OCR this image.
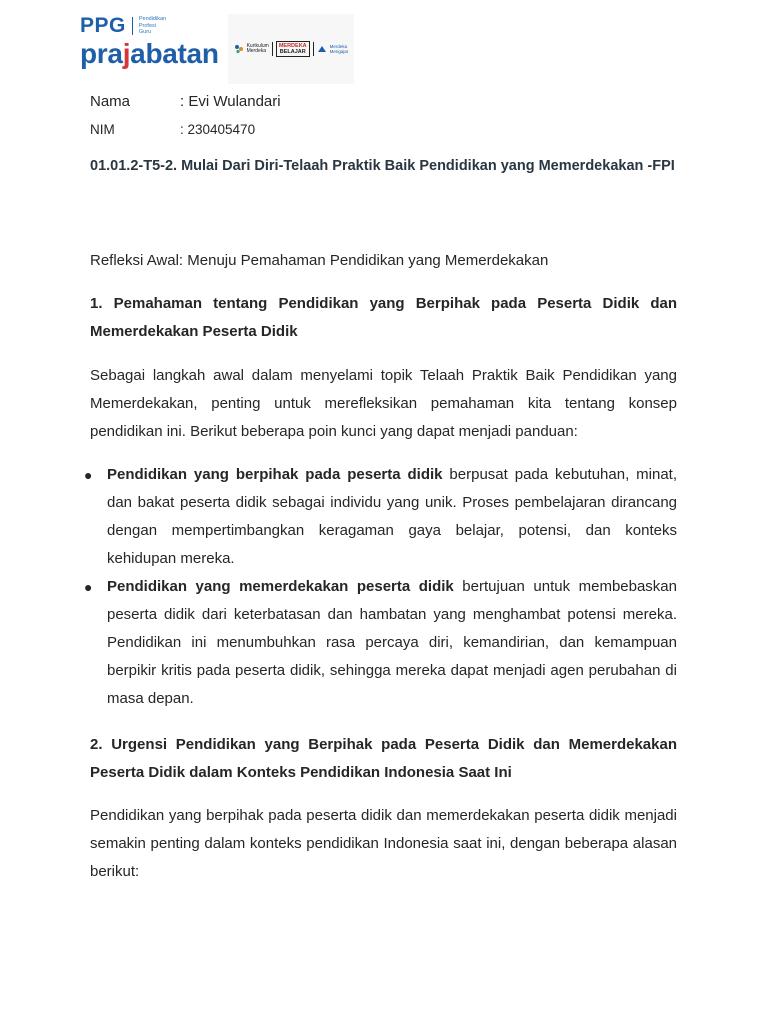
PPG Pendidikan
Profesi
Guru
prajabatan	Kurikulum
Merdeka
MERDEKA
BELAJAR
Merdeka
Mengajar
Nama	: Evi Wulandari
NIM	: 230405470
01.01.2-T5-2. Mulai Dari Diri-Telaah Praktik Baik Pendidikan yang Memerdekakan -FPI

Refleksi Awal: Menuju Pemahaman Pendidikan yang Memerdekakan

1. Pemahaman tentang Pendidikan yang Berpihak pada Peserta Didik dan Memerdekakan Peserta Didik

Sebagai langkah awal dalam menyelami topik Telaah Praktik Baik Pendidikan yang Memerdekakan, penting untuk merefleksikan pemahaman kita tentang konsep pendidikan ini. Berikut beberapa poin kunci yang dapat menjadi panduan:

● Pendidikan yang berpihak pada peserta didik berpusat pada kebutuhan, minat, dan bakat peserta didik sebagai individu yang unik. Proses pembelajaran dirancang dengan mempertimbangkan keragaman gaya belajar, potensi, dan konteks kehidupan mereka.
● Pendidikan yang memerdekakan peserta didik bertujuan untuk membebaskan peserta didik dari keterbatasan dan hambatan yang menghambat potensi mereka. Pendidikan ini menumbuhkan rasa percaya diri, kemandirian, dan kemampuan berpikir kritis pada peserta didik, sehingga mereka dapat menjadi agen perubahan di masa depan.

2. Urgensi Pendidikan yang Berpihak pada Peserta Didik dan Memerdekakan Peserta Didik dalam Konteks Pendidikan Indonesia Saat Ini

Pendidikan yang berpihak pada peserta didik dan memerdekakan peserta didik menjadi semakin penting dalam konteks pendidikan Indonesia saat ini, dengan beberapa alasan berikut:
